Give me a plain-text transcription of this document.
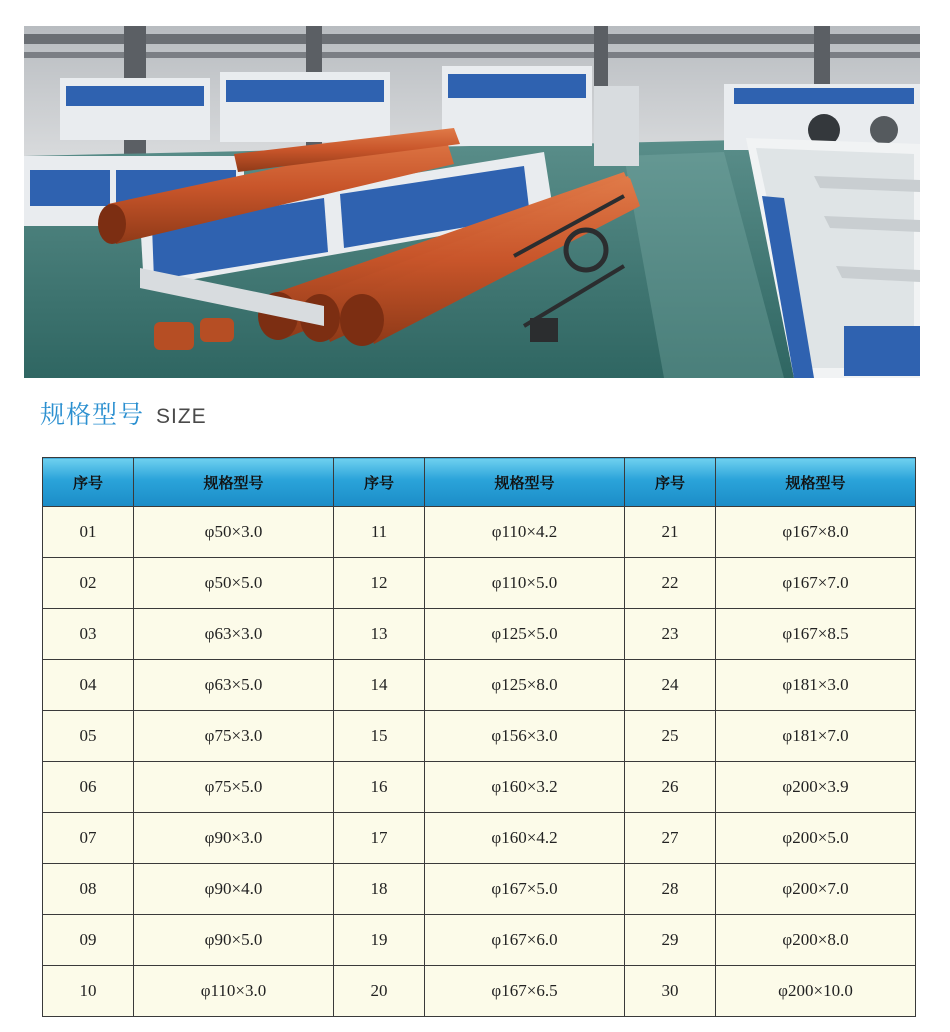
规格型号 SIZE
序号	规格型号	序号	规格型号	序号	规格型号
01	φ50×3.0	11	φ110×4.2	21	φ167×8.0
02	φ50×5.0	12	φ110×5.0	22	φ167×7.0
03	φ63×3.0	13	φ125×5.0	23	φ167×8.5
04	φ63×5.0	14	φ125×8.0	24	φ181×3.0
05	φ75×3.0	15	φ156×3.0	25	φ181×7.0
06	φ75×5.0	16	φ160×3.2	26	φ200×3.9
07	φ90×3.0	17	φ160×4.2	27	φ200×5.0
08	φ90×4.0	18	φ167×5.0	28	φ200×7.0
09	φ90×5.0	19	φ167×6.0	29	φ200×8.0
10	φ110×3.0	20	φ167×6.5	30	φ200×10.0
